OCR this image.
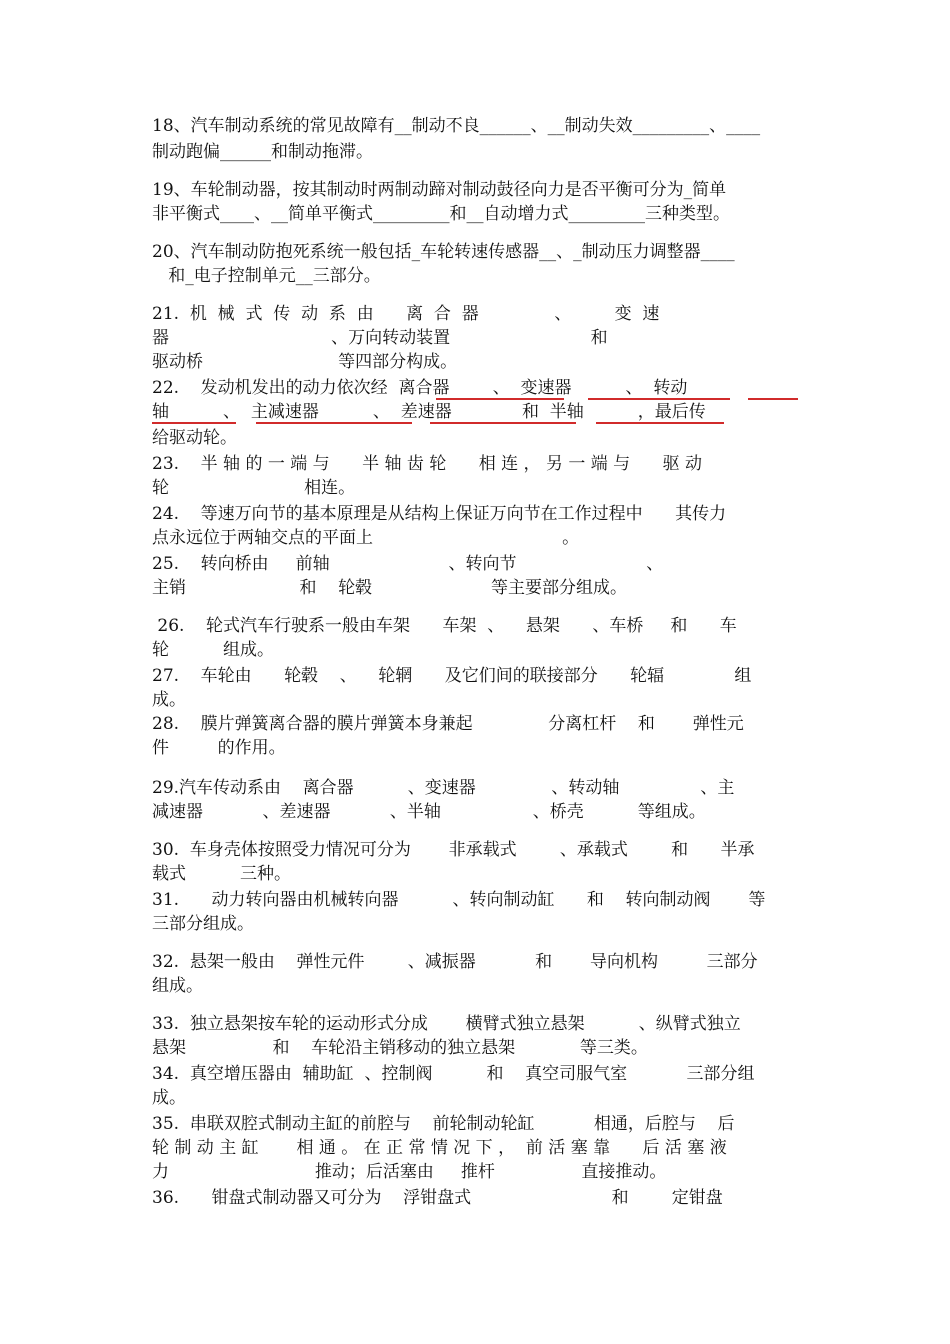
18、汽车制动系统的常见故障有__制动不良______、__制动失效_________、____
制动跑偏______和制动拖滞。
19、车轮制动器，按其制动时两制动蹄对制动鼓径向力是否平衡可分为_简单
非平衡式____、__简单平衡式_________和__自动增力式_________三种类型。
20、汽车制动防抱死系统一般包括_车轮转速传感器__、_制动压力调整器____
和_电子控制单元__三部分。
21.  机  械  式  传  动  系  由      离  合  器              、        变  速
器                              、万向转动装置                          和
驱动桥                         等四部分构成。
22.    发动机发出的动力依次经  离合器        、  变速器          、  转动
轴          、  主减速器          、  差速器             和  半轴          ，最后传
给驱动轮。
23.    半 轴 的 一 端 与      半 轴 齿 轮      相 连 ， 另 一 端 与      驱 动
轮                         相连。
24.    等速万向节的基本原理是从结构上保证万向节在工作过程中      其传力
点永远位于两轴交点的平面上                                   。
25.    转向桥由     前轴                      、转向节                        、
主销                     和    轮毂                      等主要部分组成。
26.    轮式汽车行驶系一般由车架      车架  、    悬架      、车桥     和      车
轮          组成。
27.    车轮由      轮毂    、    轮辋      及它们间的联接部分      轮辐             组
成。
28.    膜片弹簧离合器的膜片弹簧本身兼起              分离杠杆    和       弹性元
件         的作用。
29.汽车传动系由    离合器          、变速器              、转动轴               、主
减速器           、差速器           、半轴                 、桥壳          等组成。
30.  车身壳体按照受力情况可分为       非承载式        、承载式        和      半承
载式          三种。
31.      动力转向器由机械转向器          、转向制动缸      和    转向制动阀       等
三部分组成。
32.  悬架一般由    弹性元件        、减振器           和       导向机构         三部分
组成。
33.  独立悬架按车轮的运动形式分成       横臂式独立悬架          、纵臂式独立
悬架                和    车轮沿主销移动的独立悬架            等三类。
34.  真空增压器由  辅助缸  、控制阀          和    真空司服气室           三部分组
成。
35.  串联双腔式制动主缸的前腔与    前轮制动轮缸           相通，后腔与    后
轮 制 动 主 缸       相 通 。 在 正 常 情 况 下 ，  前 活 塞 靠      后 活 塞 液
力                           推动；后活塞由     推杆                直接推动。
36.      钳盘式制动器又可分为    浮钳盘式                          和        定钳盘
